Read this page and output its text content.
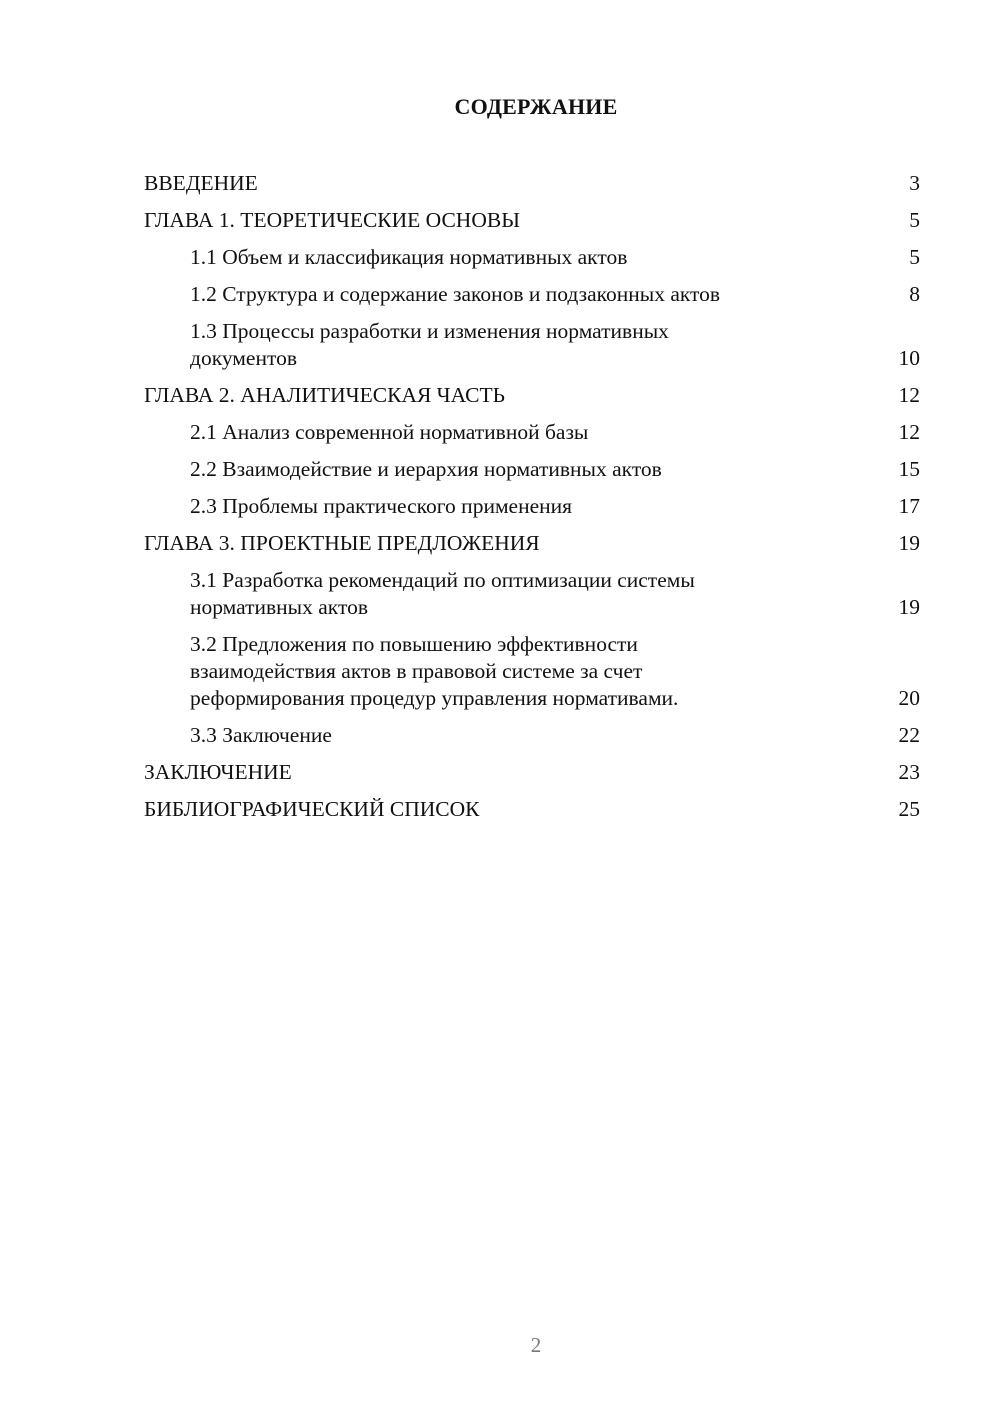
СОДЕРЖАНИЕ
ВВЕДЕНИЕ	3
ГЛАВА 1. ТЕОРЕТИЧЕСКИЕ ОСНОВЫ	5
1.1 Объем и классификация нормативных актов	5
1.2 Структура и содержание законов и подзаконных актов	8
1.3 Процессы разработки и изменения нормативных документов	10
ГЛАВА 2. АНАЛИТИЧЕСКАЯ ЧАСТЬ	12
2.1 Анализ современной нормативной базы	12
2.2 Взаимодействие и иерархия нормативных актов	15
2.3 Проблемы практического применения	17
ГЛАВА 3. ПРОЕКТНЫЕ ПРЕДЛОЖЕНИЯ	19
3.1 Разработка рекомендаций по оптимизации системы нормативных актов	19
3.2 Предложения по повышению эффективности взаимодействия актов в правовой системе за счет реформирования процедур управления нормативами.	20
3.3 Заключение	22
ЗАКЛЮЧЕНИЕ	23
БИБЛИОГРАФИЧЕСКИЙ СПИСОК	25
2
